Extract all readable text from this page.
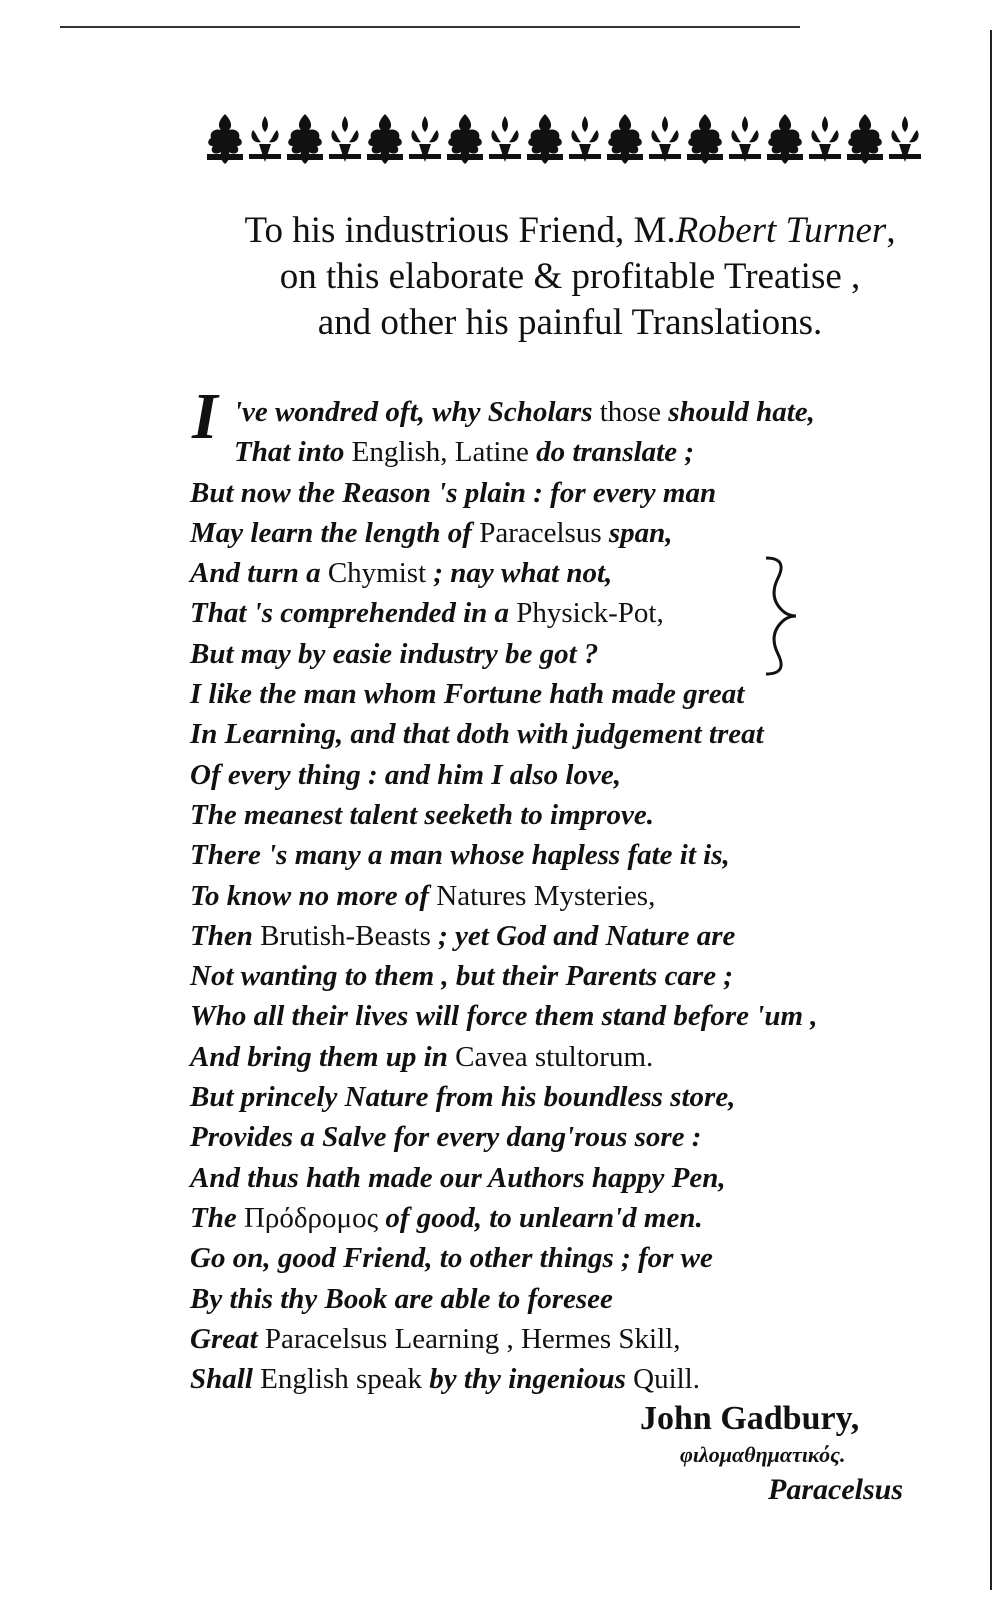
To his industrious Friend, M.Robert Turner,
on this elaborate & profitable Treatise ,
and other his painful Translations.
I 've wondred oft, why Scholars those should hate,
That into English, Latine do translate ;
But now the Reason 's plain : for every man
May learn the length of Paracelsus span,
And turn a Chymist ; nay what not,
That 's comprehended in a Physick-Pot,
But may by easie industry be got ?
I like the man whom Fortune hath made great
In Learning, and that doth with judgement treat
Of every thing : and him I also love,
The meanest talent seeketh to improve.
There 's many a man whose hapless fate it is,
To know no more of Natures Mysteries,
Then Brutish-Beasts ; yet God and Nature are
Not wanting to them , but their Parents care ;
Who all their lives will force them stand before 'um ,
And bring them up in Cavea stultorum.
But princely Nature from his boundless store,
Provides a Salve for every dang'rous sore :
And thus hath made our Authors happy Pen,
The Πρόδρομος of good, to unlearn'd men.
Go on, good Friend, to other things ; for we
By this thy Book are able to foresee
Great Paracelsus Learning , Hermes Skill,
Shall English speak by thy ingenious Quill.
John Gadbury,
φιλομαθηματικός.
Paracelsus
